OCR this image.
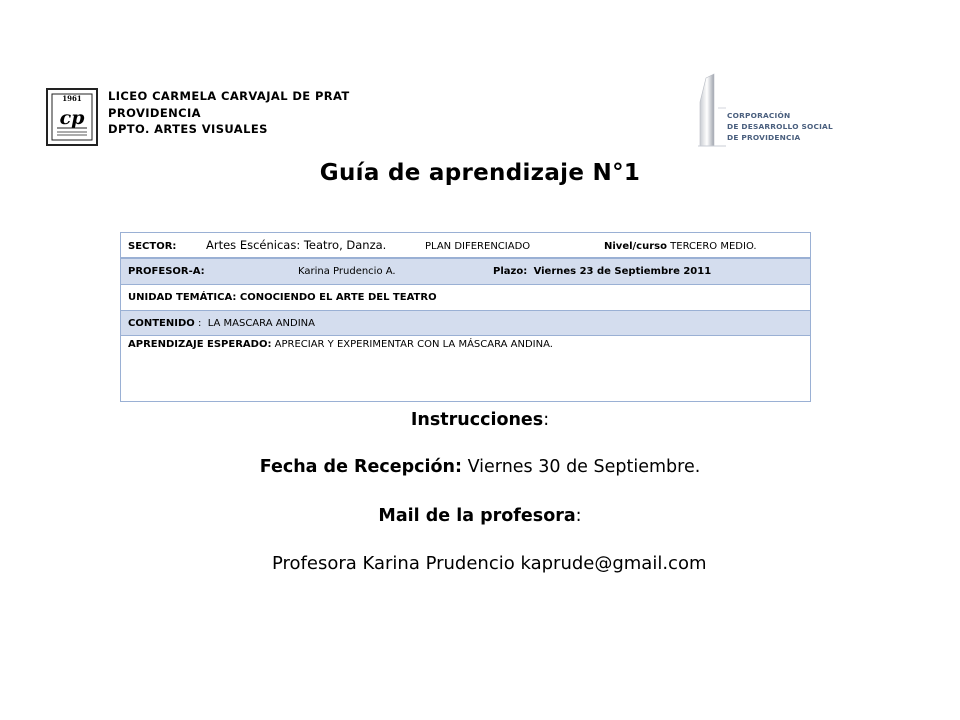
1961
cp
LICEO CARMELA CARVAJAL DE PRAT
PROVIDENCIA
DPTO. ARTES VISUALES
CORPORACIÓN
DE DESARROLLO SOCIAL
DE PROVIDENCIA
Guía de aprendizaje N°1
SECTOR:	Artes Escénicas: Teatro, Danza.	PLAN DIFERENCIADO	Nivel/curso TERCERO MEDIO.
PROFESOR-A:	Karina Prudencio A.	Plazo: Viernes 23 de Septiembre 2011
UNIDAD TEMÁTICA: CONOCIENDO EL ARTE DEL TEATRO
CONTENIDO :  LA MASCARA ANDINA
APRENDIZAJE ESPERADO: APRECIAR Y EXPERIMENTAR CON LA MÁSCARA ANDINA.
Instrucciones:
Fecha de Recepción: Viernes 30 de Septiembre.
Mail de la profesora:
Profesora Karina Prudencio kaprude@gmail.com
